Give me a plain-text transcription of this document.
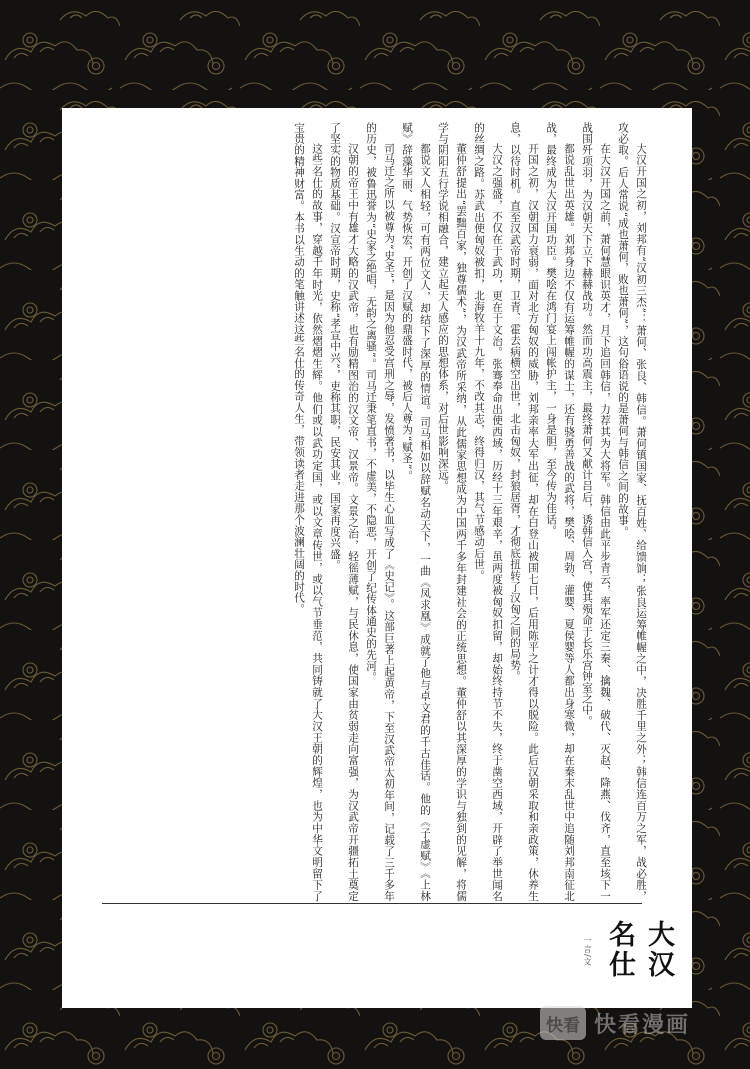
大汉开国之初，刘邦有“汉初三杰”：萧何、张良、韩信。萧何镇国家、抚百姓、给馈饷；张良运筹帷幄之中，决胜千里之外；韩信连百万之军，战必胜，攻必取。后人常说“成也萧何，败也萧何”，这句俗语说的是萧何与韩信之间的故事。

在大汉开国之前，萧何慧眼识英才，月下追回韩信，力荐其为大将军。韩信由此平步青云，率军还定三秦、擒魏、破代、灭赵、降燕、伐齐，直至垓下一战围歼项羽，为汉朝天下立下赫赫战功。然而功高震主，最终萧何又献计吕后，诱韩信入宫，使其殒命于长乐宫钟室之中。

都说乱世出英雄。刘邦身边不仅有运筹帷幄的谋士，还有骁勇善战的武将，樊哙、周勃、灌婴、夏侯婴等人都出身寒微，却在秦末乱世中追随刘邦南征北战，最终成为大汉开国功臣。樊哙在鸿门宴上闯帐护主，一身是胆，至今传为佳话。

开国之初，汉朝国力衰弱，面对北方匈奴的威胁，刘邦亲率大军出征，却在白登山被围七日，后用陈平之计才得以脱险。此后汉朝采取和亲政策，休养生息，以待时机。直至汉武帝时期，卫青、霍去病横空出世，北击匈奴，封狼居胥，才彻底扭转了汉匈之间的局势。

大汉之强盛，不仅在于武功，更在于文治。张骞奉命出使西域，历经十三年艰辛，虽两度被匈奴扣留，却始终持节不失，终于凿空西域，开辟了举世闻名的丝绸之路。苏武出使匈奴被扣，北海牧羊十九年，不改其志，终得归汉，其气节感动后世。

董仲舒提出“罢黜百家，独尊儒术”，为汉武帝所采纳，从此儒家思想成为中国两千多年封建社会的正统思想。董仲舒以其深厚的学识与独到的见解，将儒学与阴阳五行学说相融合，建立起天人感应的思想体系，对后世影响深远。

都说文人相轻，可有两位文人，却结下了深厚的情谊。司马相如以辞赋名动天下，一曲《凤求凰》成就了他与卓文君的千古佳话。他的《子虚赋》《上林赋》辞藻华丽、气势恢宏，开创了汉赋的鼎盛时代，被后人尊为“赋圣”。

司马迁之所以被尊为“史圣”，是因为他忍受宫刑之辱，发愤著书，以毕生心血写成了《史记》。这部巨著上起黄帝，下至汉武帝太初年间，记载了三千多年的历史，被鲁迅誉为“史家之绝唱，无韵之离骚”。司马迁秉笔直书，不虚美，不隐恶，开创了纪传体通史的先河。

汉朝的帝王中有雄才大略的汉武帝，也有励精图治的汉文帝、汉景帝。文景之治，轻徭薄赋，与民休息，使国家由贫弱走向富强，为汉武帝开疆拓土奠定了坚实的物质基础。汉宣帝时期，史称“孝宣中兴”，吏称其职，民安其业，国家再度兴盛。

这些名仕的故事，穿越千年时光，依然熠熠生辉。他们或以武功定国，或以文章传世，或以气节垂范，共同铸就了大汉王朝的辉煌，也为中华文明留下了宝贵的精神财富。本书以生动的笔触讲述这些名仕的传奇人生，带领读者走进那个波澜壮阔的时代。

大汉名仕
一言/文
快看 快看漫画
